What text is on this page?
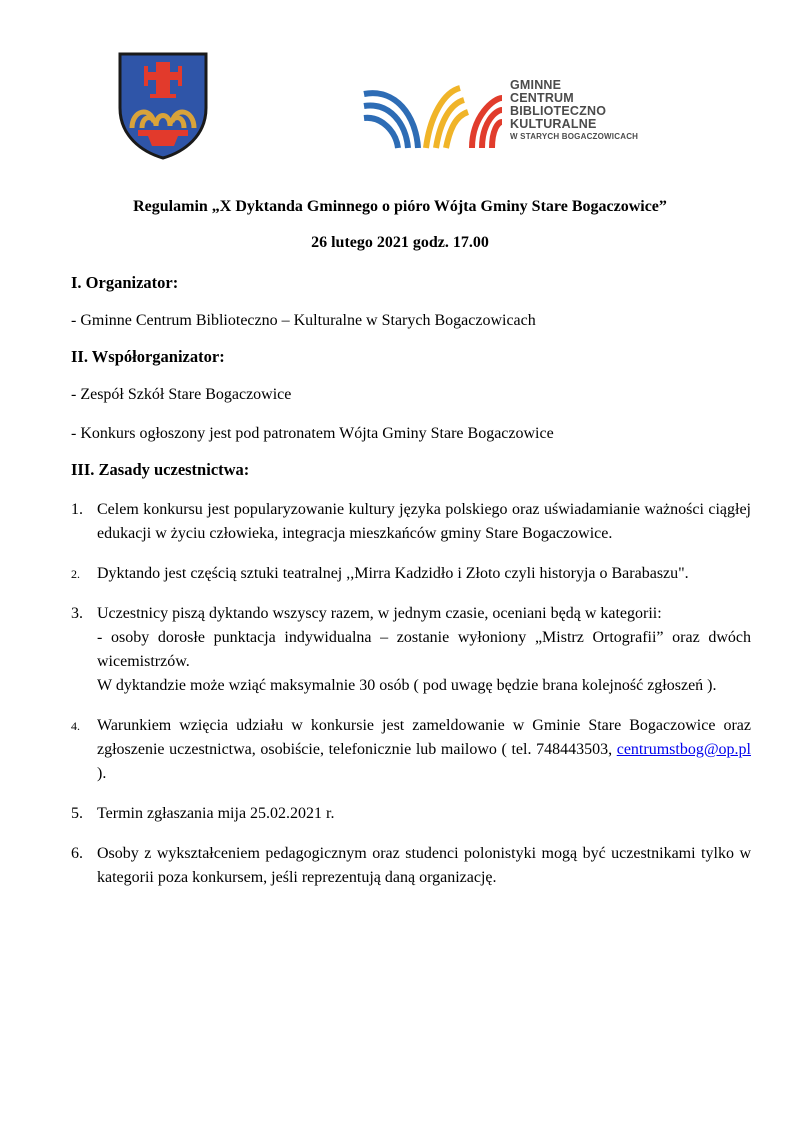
GMINNE
CENTRUM
BIBLIOTECZNO
KULTURALNE
W STARYCH BOGACZOWICACH
Regulamin „X Dyktanda Gminnego o pióro Wójta Gminy Stare Bogaczowice”
26 lutego 2021 godz. 17.00
I. Organizator:

- Gminne Centrum Biblioteczno – Kulturalne w Starych Bogaczowicach

II. Współorganizator:

- Zespół Szkół Stare Bogaczowice

- Konkurs ogłoszony jest pod patronatem Wójta Gminy Stare Bogaczowice

III. Zasady uczestnictwa:
1. Celem konkursu jest popularyzowanie kultury języka polskiego oraz uświadamianie ważności ciągłej edukacji w życiu człowieka, integracja mieszkańców gminy Stare Bogaczowice.
2.	Dyktando jest częścią sztuki teatralnej ,,Mirra Kadzidło i Złoto czyli historyja o Barabaszu".
3. Uczestnicy piszą dyktando wszyscy razem, w jednym czasie, oceniani będą w kategorii:
- osoby dorosłe punktacja indywidualna – zostanie wyłoniony „Mistrz Ortografii” oraz dwóch wicemistrzów.
W dyktandzie może wziąć maksymalnie 30 osób ( pod uwagę będzie brana kolejność zgłoszeń ).
4.	Warunkiem wzięcia udziału w konkursie jest zameldowanie w Gminie Stare Bogaczowice oraz zgłoszenie uczestnictwa, osobiście, telefonicznie lub mailowo ( tel. 748443503, centrumstbog@op.pl ).
5. Termin zgłaszania mija 25.02.2021 r.
6. Osoby z wykształceniem pedagogicznym oraz studenci polonistyki mogą być uczestnikami tylko w kategorii poza konkursem, jeśli reprezentują daną organizację.
